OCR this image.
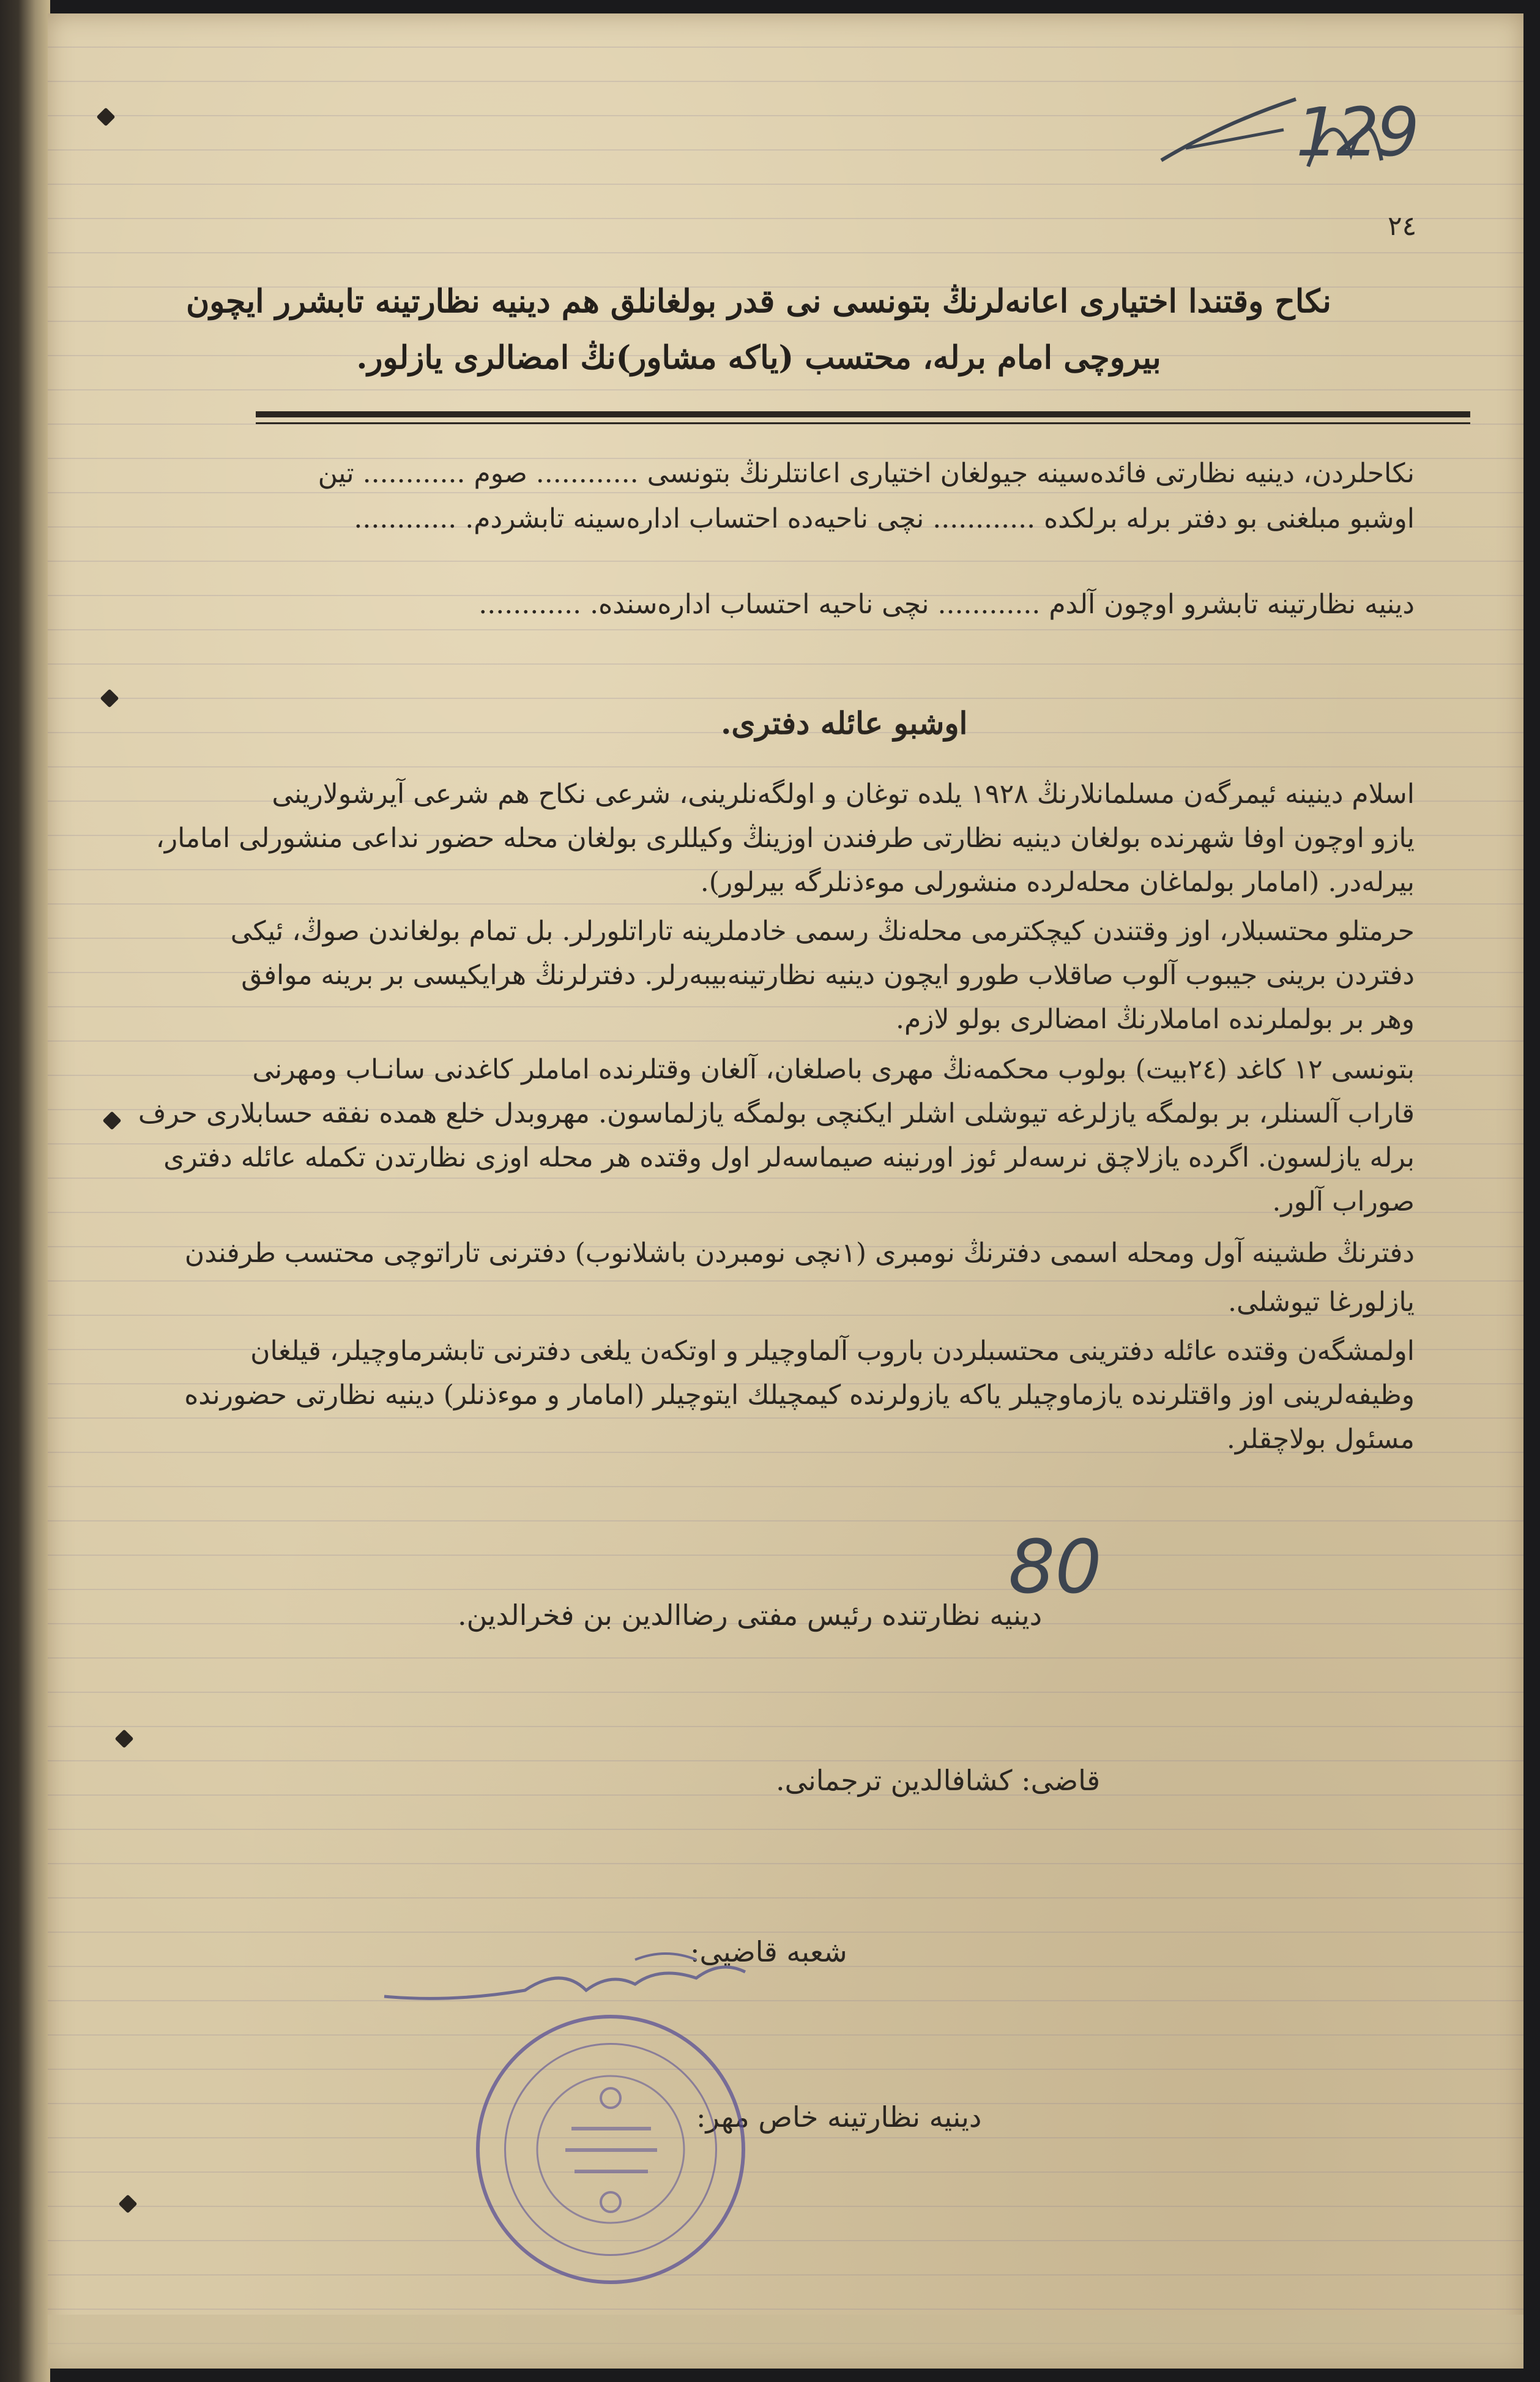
129
٢٤
نكاح وقتندا اختيارى اعانه‌لرنڭ بتونسى نى قدر بولغانلق هم دينيه نظارتينه تابشرر ايچون
بيروچى امام برله، محتسب (ياكه مشاور)نڭ امضالرى يازلور.
نكاحلردن، دينيه نظارتى فائده‌سينه جيولغان اختيارى اعانتلرنڭ بتونسى ............ صوم ............ تين
اوشبو مبلغنى بو دفتر برله برلكده ............ نچى ناحيه‌ده احتساب ادارەسينه تابشردم. ............
دينيه نظارتينه تابشرو اوچون آلدم ............ نچى ناحيه احتساب ادارەسنده. ............
اوشبو عائله دفترى.
اسلام دينينه ئيمرگەن مسلمانلارنڭ ١٩٢٨ يلده توغان و اولگه‌نلرينى، شرعى نكاح هم شرعى آيرشولارينى
يازو اوچون اوفا شهرنده بولغان دينيه نظارتى طرفندن اوزينڭ وكيللرى بولغان محله حضور نداعى منشورلى امامار،
بيرلەدر. (امامار بولماغان محله‌لرده منشورلى موءذنلرگه بيرلور).
حرمتلو محتسبلار، اوز وقتندن كيچكترمى محله‌نڭ رسمى خادملرينه تاراتلورلر. بل تمام بولغاندن صوڭ، ئيكى
دفتردن برينى جيبوب آلوب صاقلاب طورو ايچون دينيه نظارتينه‌بيبه‌رلر. دفترلرنڭ هرايكيسى بر برينه موافق
وهر بر بولملرنده اماملارنڭ امضالرى بولو لازم.
بتونسى ١٢ كاغد (٢٤بيت) بولوب محكمه‌نڭ مهرى باصلغان، آلغان وقتلرنده اماملر كاغدنى سانـاب ومهرنى
قاراب آلسنلر، بر بولمگه يازلرغه تيوشلى اشلر ايكنچى بولمگه يازلماسون. مهروبدل خلع همده نفقه حسابلارى حرف
برله يازلسون. اگرده يازلاچق نرسه‌لر ئوز اورنينه صيماسه‌لر اول وقتده هر محله اوزى نظارتدن تكمله عائله دفترى
صوراب آلور.
دفترنڭ طشينه آول ومحله اسمى دفترنڭ نومبرى (١نچى نومبردن باشلانوب) دفترنى تاراتوچى محتسب طرفندن
يازلورغا تيوشلى.
اولمشگەن وقتده عائله دفترينى محتسبلردن باروب آلماوچيلر و اوتكەن يلغى دفترنى تابشرماوچيلر، قيلغان
وظيفه‌لرينى اوز واقتلرنده يازماوچيلر ياكه يازولرنده كيمچيلك ايتوچيلر (امامار و موءذنلر) دينيه نظارتى حضورنده
مسئول بولاچقلر.
80
دينيه نظارتنده رئيس مفتى رضاالدين بن فخرالدين.
قاضى: كشافالدين ترجمانى.
شعبه قاضيى:
دينيه نظارتينه خاص مهر:
